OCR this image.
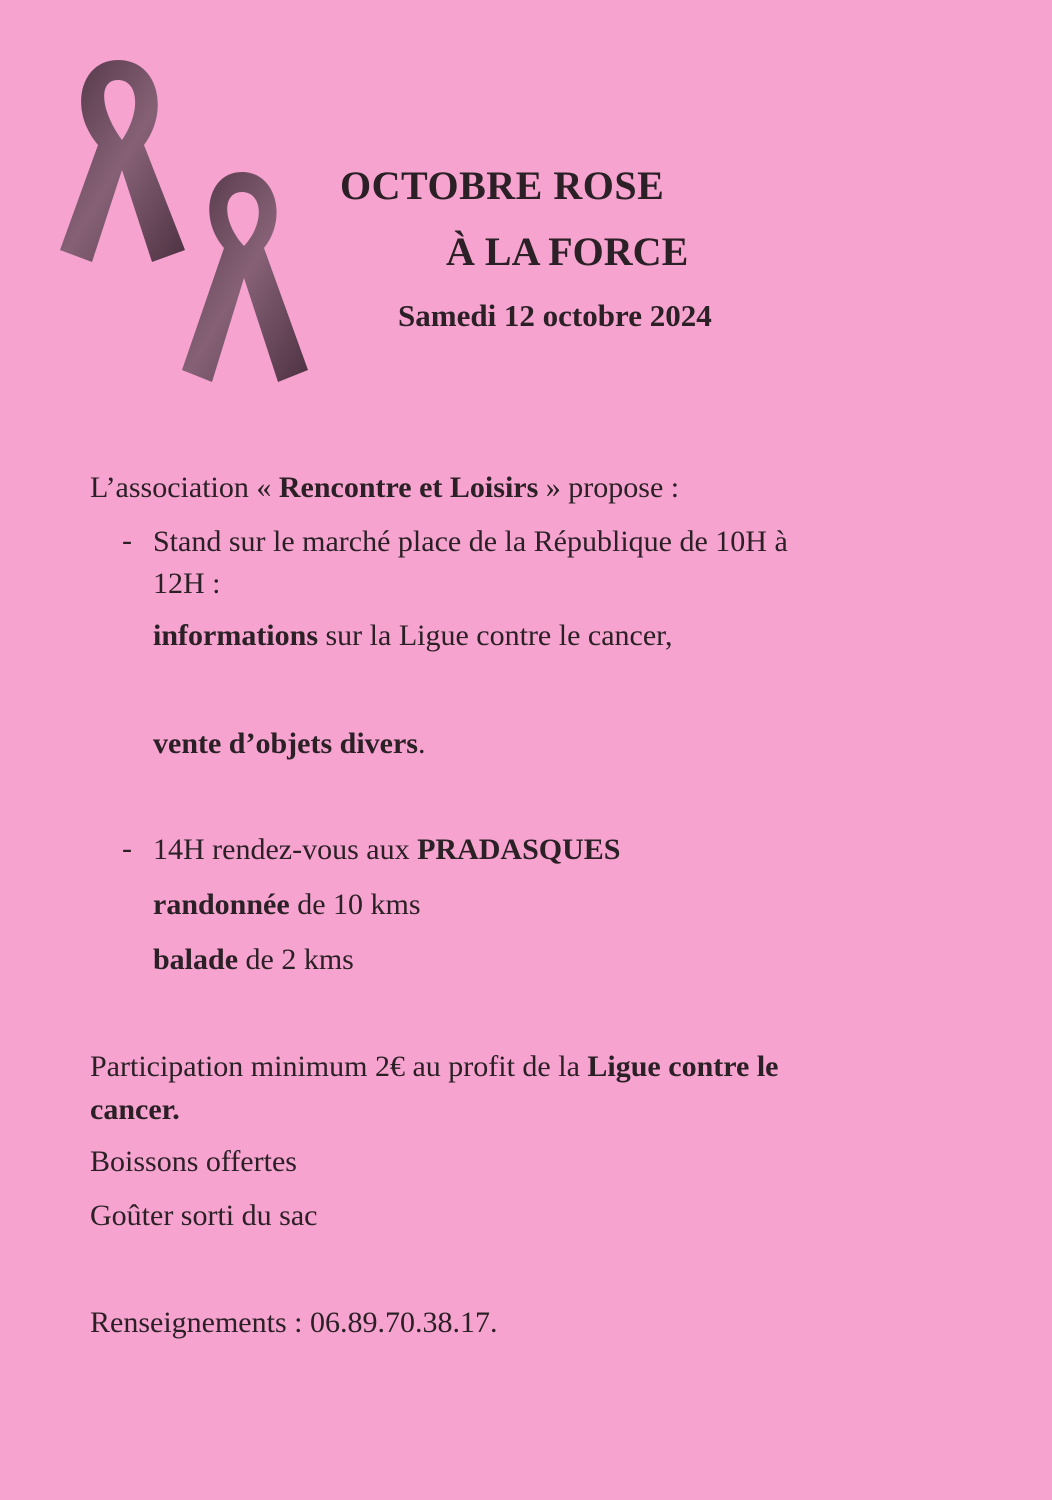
OCTOBRE ROSE
À LA FORCE
Samedi 12 octobre 2024

L’association « Rencontre et Loisirs » propose :

- Stand sur le marché place de la République de 10H à

12H :

informations sur la Ligue contre le cancer,

vente d’objets divers.

- 14H rendez-vous aux PRADASQUES

randonnée de 10 kms

balade de 2 kms

Participation minimum 2€ au profit de la Ligue contre le

cancer.

Boissons offertes

Goûter sorti du sac

Renseignements : 06.89.70.38.17.
